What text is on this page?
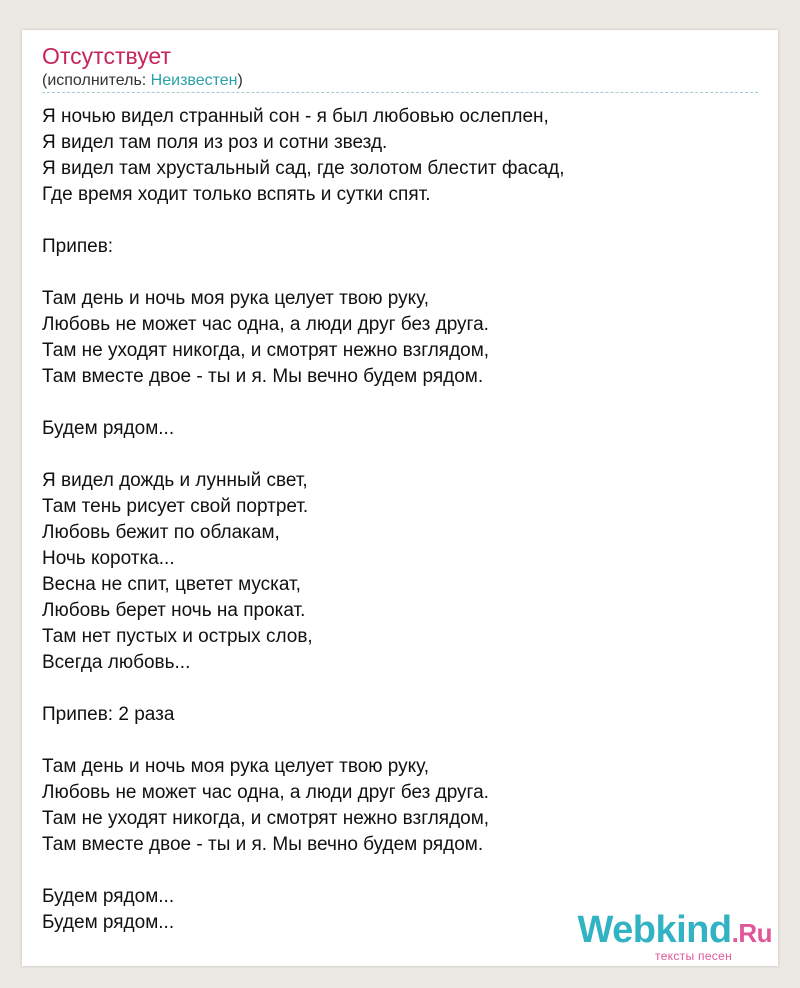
Отсутствует
(исполнитель: Неизвестен)
Я ночью видел странный сон - я был любовью ослеплен,
Я видел там поля из роз и сотни звезд.
Я видел там хрустальный сад, где золотом блестит фасад,
Где время ходит только вспять и сутки спят.
Припев:
Там день и ночь моя рука целует твою руку,
Любовь не может час одна, а люди друг без друга.
Там не уходят никогда, и смотрят нежно взглядом,
Там вместе двое - ты и я. Мы вечно будем рядом.
Будем рядом...
Я видел дождь и лунный свет,
Там тень рисует свой портрет.
Любовь бежит по облакам,
Ночь коротка...
Весна не спит, цветет мускат,
Любовь берет ночь на прокат.
Там нет пустых и острых слов,
Всегда любовь...
Припев: 2 раза
Там день и ночь моя рука целует твою руку,
Любовь не может час одна, а люди друг без друга.
Там не уходят никогда, и смотрят нежно взглядом,
Там вместе двое - ты и я. Мы вечно будем рядом.
Будем рядом...
Будем рядом...	Webkind.Ru
тексты песен
